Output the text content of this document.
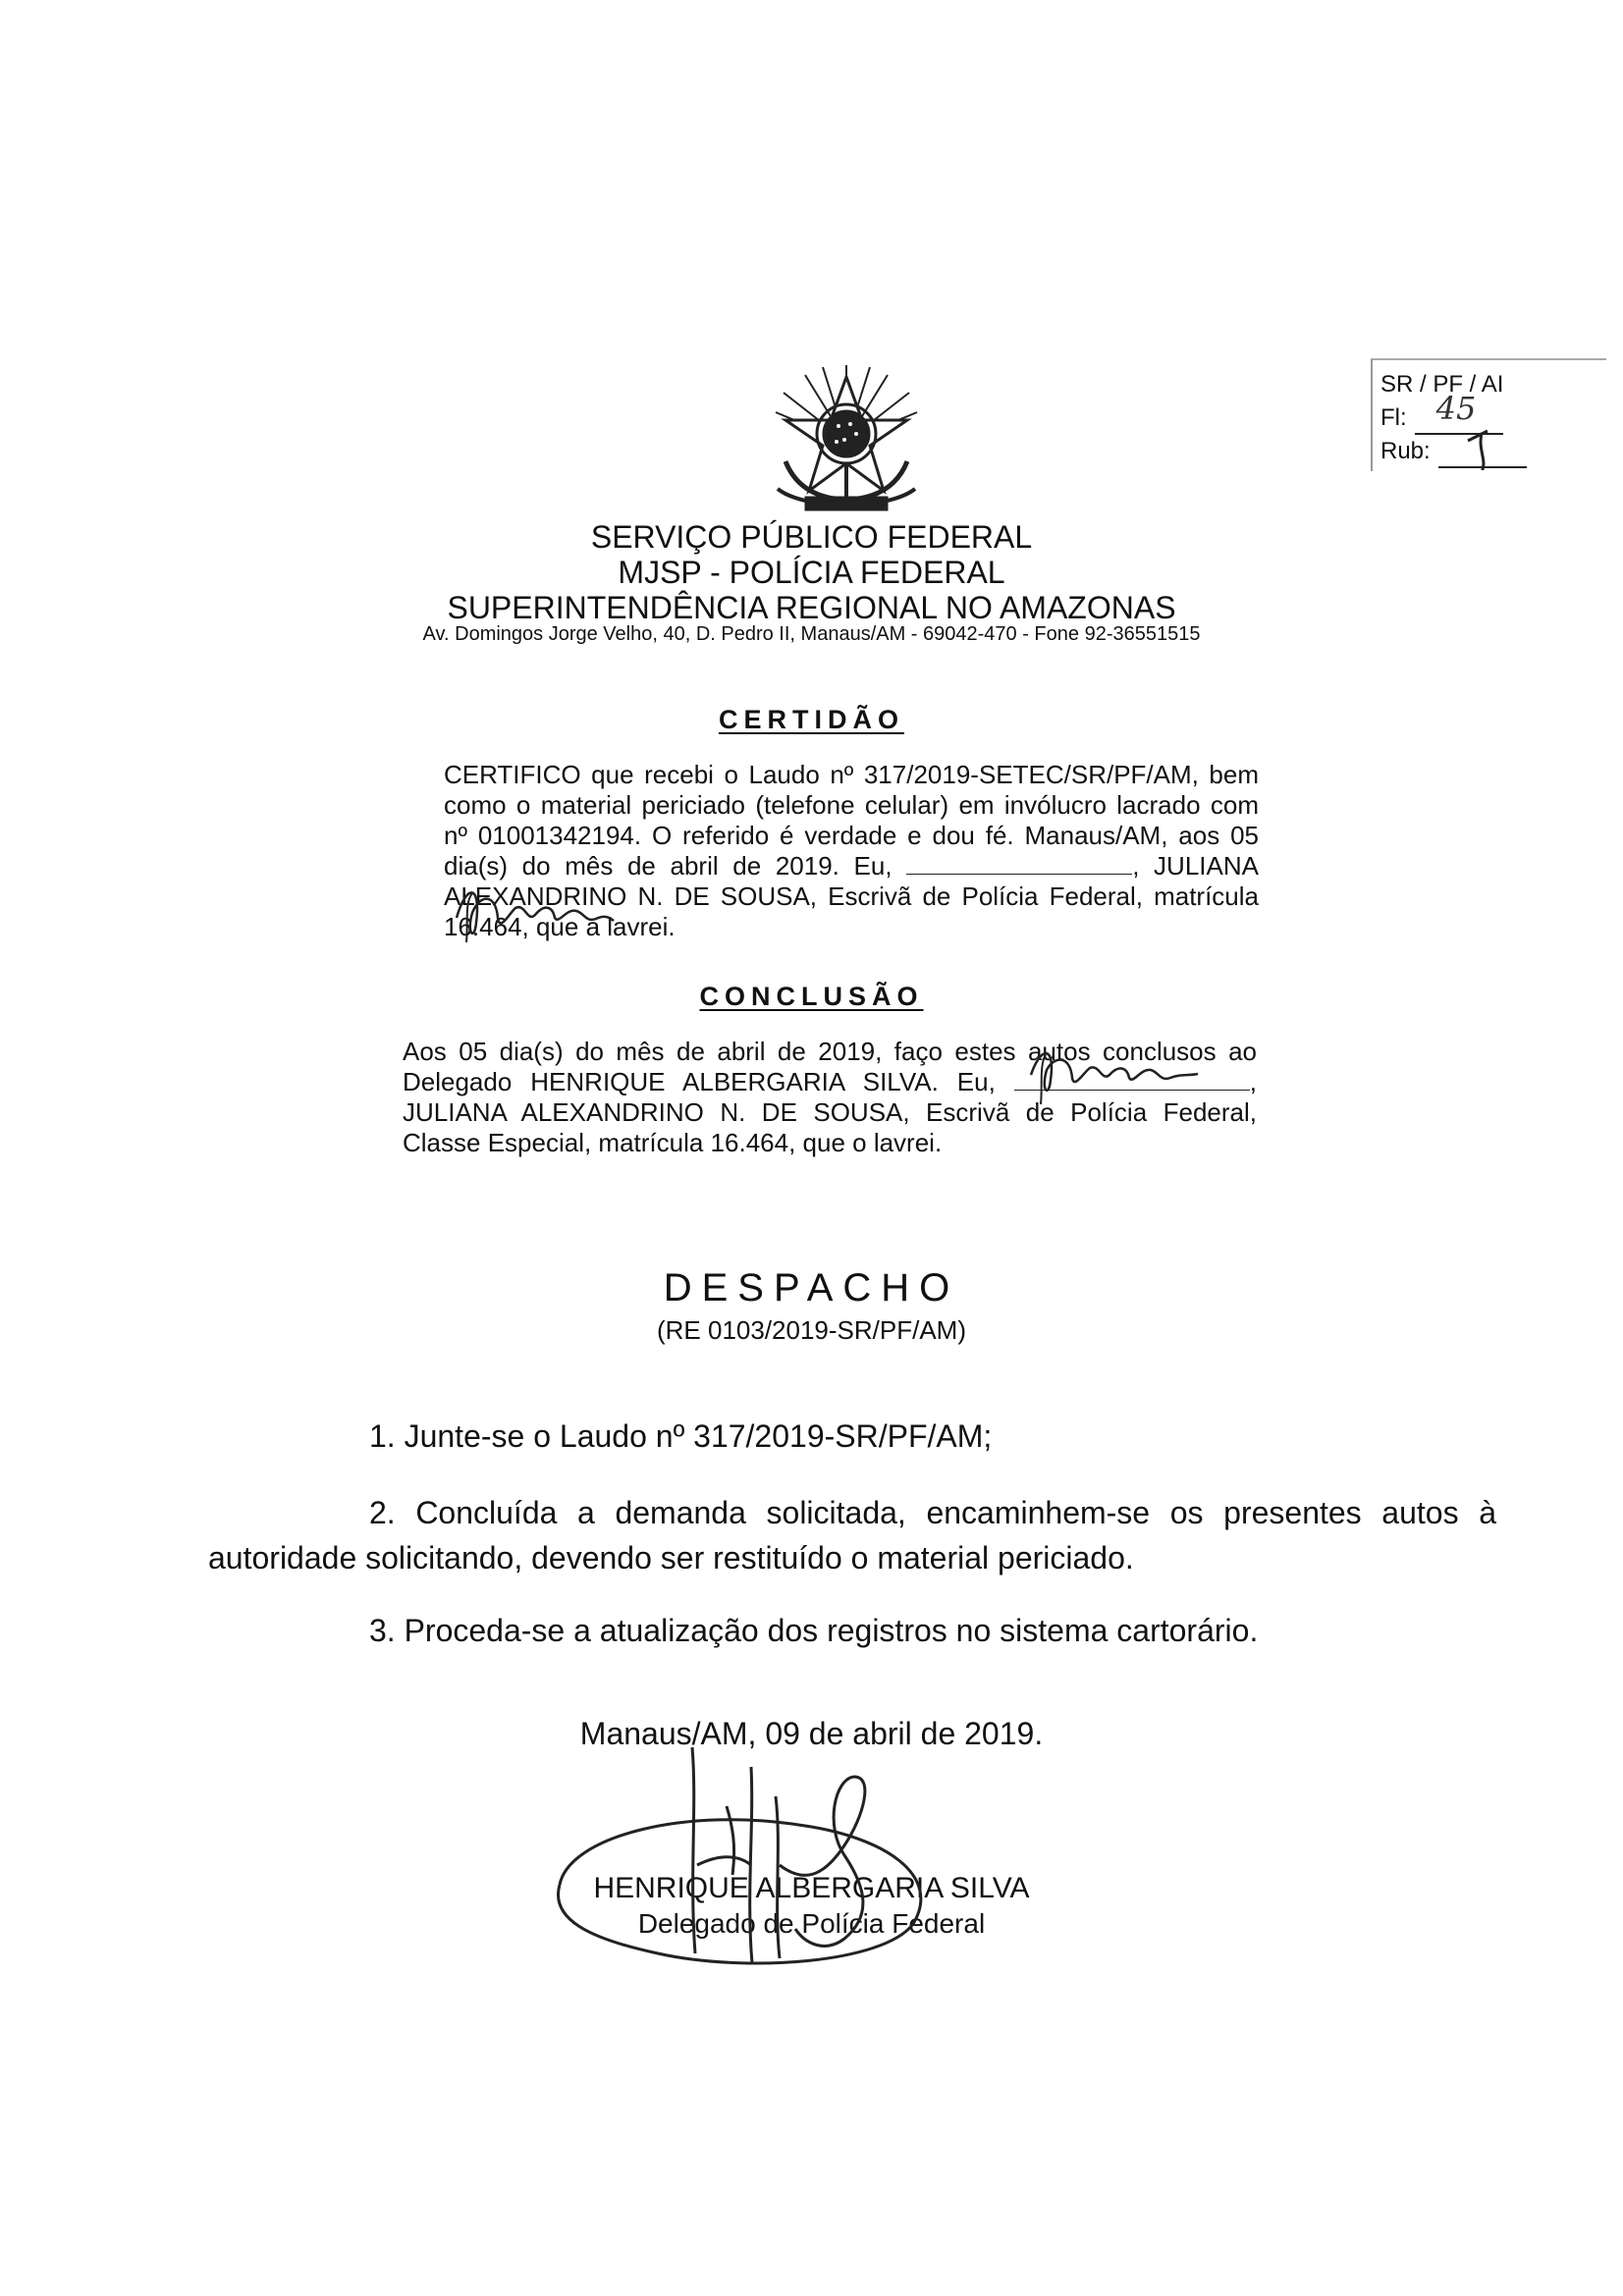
SR / PF / AI
Fl: 45
Rub:
SERVIÇO PÚBLICO FEDERAL
MJSP - POLÍCIA FEDERAL
SUPERINTENDÊNCIA REGIONAL NO AMAZONAS
Av. Domingos Jorge Velho, 40, D. Pedro II, Manaus/AM - 69042-470 - Fone 92-36551515
CERTIDÃO
CERTIFICO que recebi o Laudo nº 317/2019-SETEC/SR/PF/AM, bem como o material periciado (telefone celular) em invólucro lacrado com nº 01001342194. O referido é verdade e dou fé. Manaus/AM, aos 05 dia(s) do mês de abril de 2019. Eu,	, JULIANA ALEXANDRINO N. DE SOUSA, Escrivã de Polícia Federal, matrícula 16.464, que a lavrei.
CONCLUSÃO
Aos 05 dia(s) do mês de abril de 2019, faço estes autos conclusos ao Delegado HENRIQUE ALBERGARIA SILVA. Eu,	, JULIANA ALEXANDRINO N. DE SOUSA, Escrivã de Polícia Federal, Classe Especial, matrícula 16.464, que o lavrei.
DESPACHO
(RE 0103/2019-SR/PF/AM)
1. Junte-se o Laudo nº 317/2019-SR/PF/AM;
2. Concluída a demanda solicitada, encaminhem-se os presentes autos à autoridade solicitando, devendo ser restituído o material periciado.
3. Proceda-se a atualização dos registros no sistema cartorário.
Manaus/AM, 09 de abril de 2019.
HENRIQUE ALBERGARIA SILVA
Delegado de Polícia Federal
